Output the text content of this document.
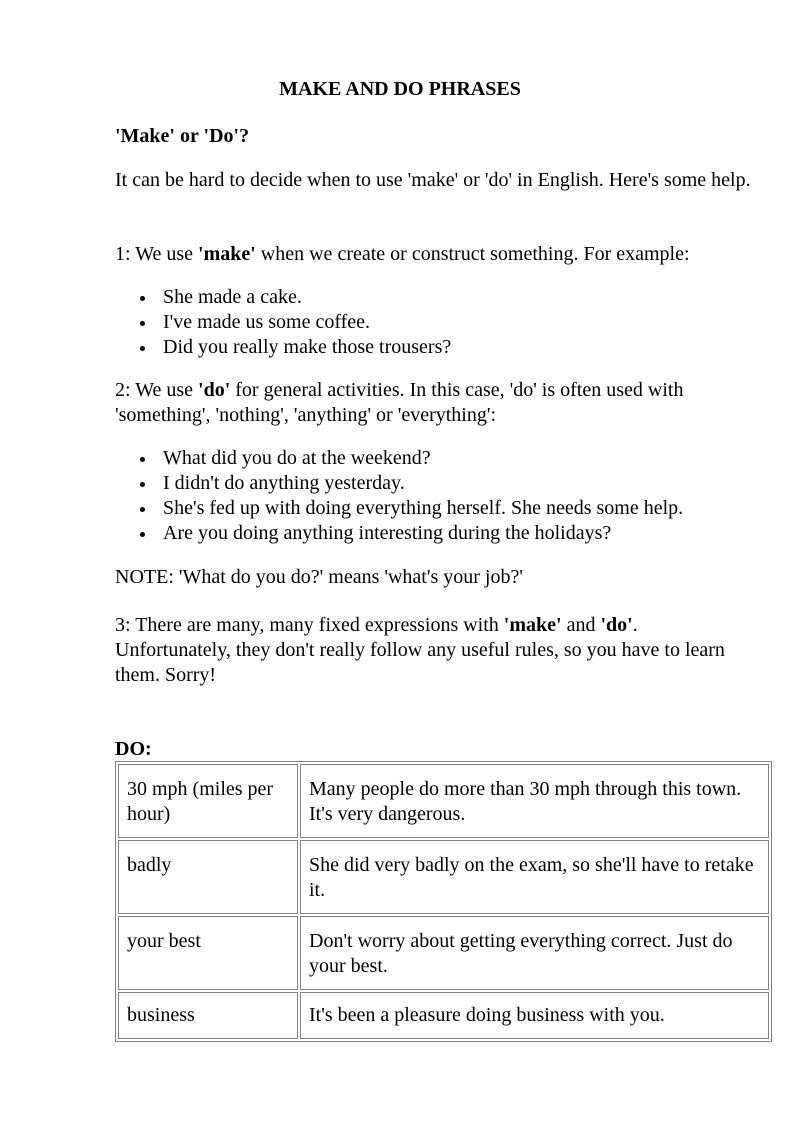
MAKE AND DO PHRASES
'Make' or 'Do'?
It can be hard to decide when to use 'make' or 'do' in English. Here's some help.
1: We use 'make' when we create or construct something. For example:
She made a cake.
I've made us some coffee.
Did you really make those trousers?
2: We use 'do' for general activities. In this case, 'do' is often used with 'something', 'nothing', 'anything' or 'everything':
What did you do at the weekend?
I didn't do anything yesterday.
She's fed up with doing everything herself. She needs some help.
Are you doing anything interesting during the holidays?
NOTE: 'What do you do?' means 'what's your job?'
3: There are many, many fixed expressions with 'make' and 'do'. Unfortunately, they don't really follow any useful rules, so you have to learn them. Sorry!
DO:
30 mph (miles per hour)	Many people do more than 30 mph through this town. It's very dangerous.
badly	She did very badly on the exam, so she'll have to retake it.
your best	Don't worry about getting everything correct. Just do your best.
business	It's been a pleasure doing business with you.
